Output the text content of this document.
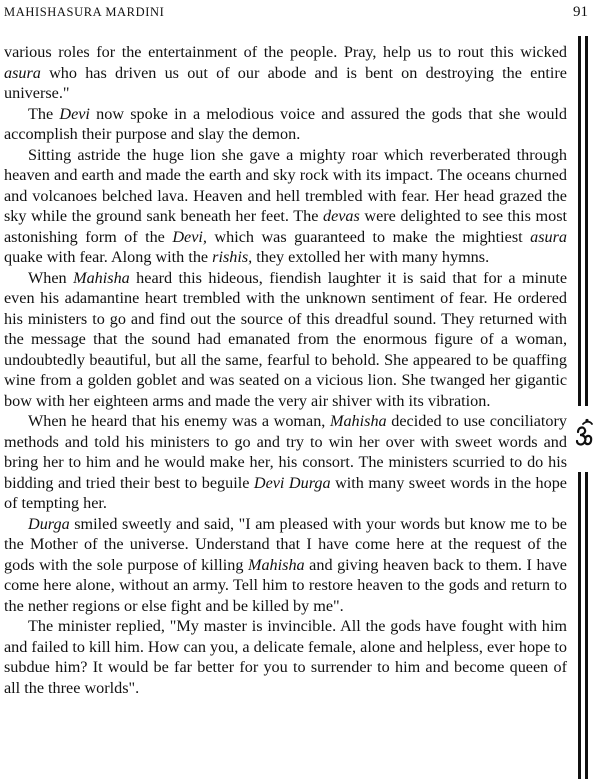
MAHISHASURA MARDINI	91

various roles for the entertainment of the people. Pray, help us to rout this wicked asura who has driven us out of our abode and is bent on destroying the entire universe."

The Devi now spoke in a melodious voice and assured the gods that she would accomplish their purpose and slay the demon.

Sitting astride the huge lion she gave a mighty roar which reverberated through heaven and earth and made the earth and sky rock with its impact. The oceans churned and volcanoes belched lava. Heaven and hell trembled with fear. Her head grazed the sky while the ground sank beneath her feet. The devas were delighted to see this most astonishing form of the Devi, which was guaranteed to make the mightiest asura quake with fear. Along with the rishis, they extolled her with many hymns.

When Mahisha heard this hideous, fiendish laughter it is said that for a minute even his adamantine heart trembled with the unknown sentiment of fear. He ordered his ministers to go and find out the source of this dreadful sound. They returned with the message that the sound had emanated from the enormous figure of a woman, undoubtedly beautiful, but all the same, fearful to behold. She appeared to be quaffing wine from a golden goblet and was seated on a vicious lion. She twanged her gigantic bow with her eighteen arms and made the very air shiver with its vibration.

When he heard that his enemy was a woman, Mahisha decided to use conciliatory methods and told his ministers to go and try to win her over with sweet words and bring her to him and he would make her, his consort. The ministers scurried to do his bidding and tried their best to beguile Devi Durga with many sweet words in the hope of tempting her.

Durga smiled sweetly and said, "I am pleased with your words but know me to be the Mother of the universe. Understand that I have come here at the request of the gods with the sole purpose of killing Mahisha and giving heaven back to them. I have come here alone, without an army. Tell him to restore heaven to the gods and return to the nether regions or else fight and be killed by me".

The minister replied, "My master is invincible. All the gods have fought with him and failed to kill him. How can you, a delicate female, alone and helpless, ever hope to subdue him? It would be far better for you to surrender to him and become queen of all the three worlds".
